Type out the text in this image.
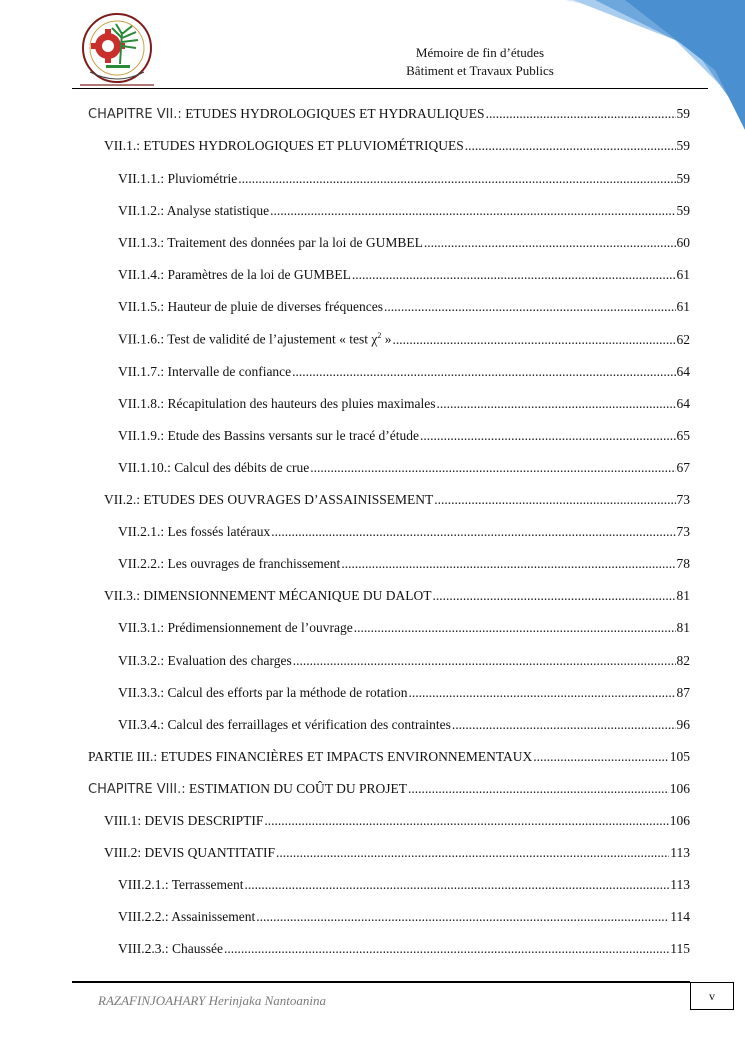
Mémoire de fin d’études
Bâtiment et Travaux Publics
CHAPITRE VII.: ETUDES HYDROLOGIQUES ET HYDRAULIQUES .....	59
VII.1.: ETUDES HYDROLOGIQUES ET PLUVIOMÉTRIQUES .....	59
VII.1.1.: Pluviométrie .....	59
VII.1.2.: Analyse statistique .....	59
VII.1.3.: Traitement des données par la loi de GUMBEL .....	60
VII.1.4.: Paramètres de la loi de GUMBEL .....	61
VII.1.5.: Hauteur de pluie de diverses fréquences .....	61
VII.1.6.: Test de validité de l’ajustement « test $\chi^2$ » .....	62
VII.1.7.: Intervalle de confiance .....	64
VII.1.8.: Récapitulation des hauteurs des pluies maximales .....	64
VII.1.9.: Etude des Bassins versants sur le tracé d’étude .....	65
VII.1.10.: Calcul des débits de crue .....	67
VII.2.: ETUDES DES OUVRAGES D’ASSAINISSEMENT .....	73
VII.2.1.: Les fossés latéraux .....	73
VII.2.2.: Les ouvrages de franchissement .....	78
VII.3.: DIMENSIONNEMENT MÉCANIQUE DU DALOT .....	81
VII.3.1.: Prédimensionnement de l’ouvrage .....	81
VII.3.2.: Evaluation des charges .....	82
VII.3.3.: Calcul des efforts par la méthode de rotation .....	87
VII.3.4.: Calcul des ferraillages et vérification des contraintes .....	96
PARTIE III.: ETUDES FINANCIÈRES ET IMPACTS ENVIRONNEMENTAUX .....	105
CHAPITRE VIII.: ESTIMATION DU COÛT DU PROJET .....	106
VIII.1: DEVIS DESCRIPTIF .....	106
VIII.2: DEVIS QUANTITATIF .....	113
VIII.2.1.: Terrassement .....	113
VIII.2.2.: Assainissement .....	114
VIII.2.3.: Chaussée .....	115
RAZAFINJOAHARY Herinjaka Nantoanina	v
